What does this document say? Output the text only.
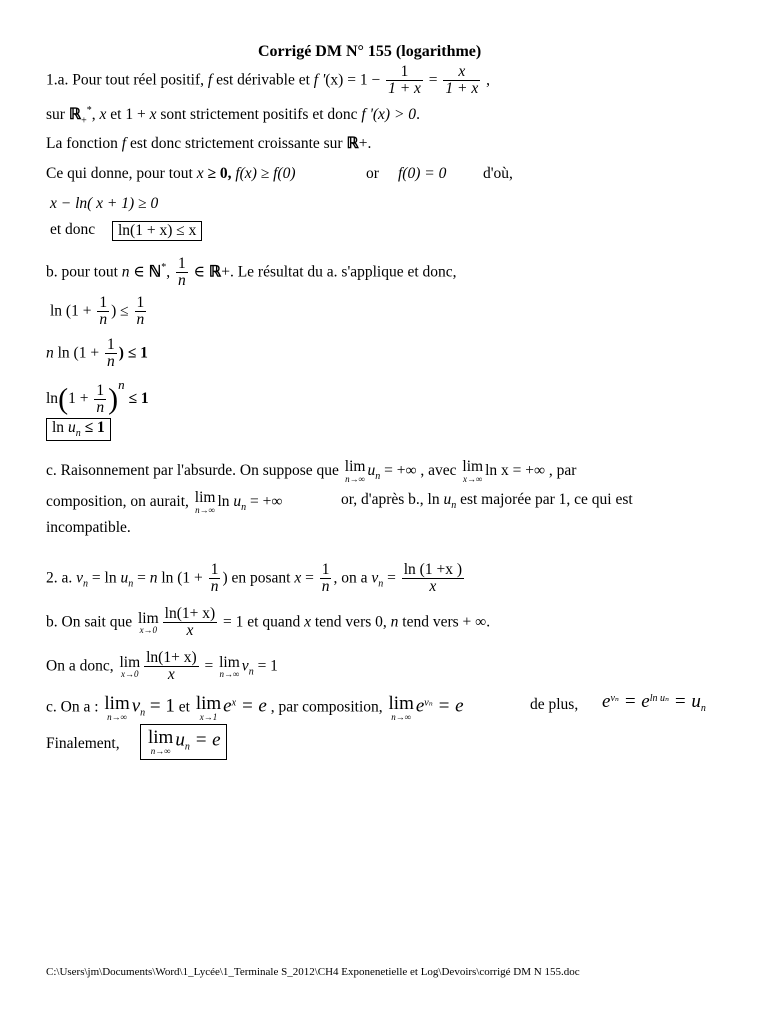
Corrigé DM N° 155 (logarithme)
1.a. Pour tout réel positif, f est dérivable et f '$(x) = 1 - \frac{1}{1 + x} = \frac{x}{1 + x}$ ,
sur ℝ$_+$*, x et 1 + x sont strictement positifs et donc f '(x) > 0.
La fonction f est donc strictement croissante sur ℝ+.
Ce qui donne, pour tout x ≥ 0, f(x) ≥ f(0)	or f(0) = 0 d'où,
x − ln( x + 1) ≥ 0
et donc	ln(1 + x) ≤ x
b. pour tout n ∈ ℕ*, $\frac{1}{n}$ ∈ ℝ+. Le résultat du a. s'applique et donc,
$\ln (1 + \frac{1}{n}$ ) ≤ $\frac{1}{n}$
n $\ln (1 + \frac{1}{n}$ ) ≤ 1
$\ln(1 + \frac{1}{n} )^n \le 1$
$\ln u_n \le 1$
c. Raisonnement par l'absurde. On suppose que lim
n→∞ $u_n$ = +∞ , avec lim
x→∞ ln x = +∞ , par
composition, on aurait, lim
n→∞ $\ln u_n$ = +∞	or, d'après b., $\ln u_n$ est majorée par 1, ce qui est
incompatible.
2. a. $v_n = \ln u_n = n$ $\ln (1 + \frac{1}{n}$ ) en posant $x = \frac{1}{n}$ , on a $v_n = \frac{\ln (1 +x )}{x}$
b. On sait que lim
$x\to 0 \frac{\ln(1+ x)}{x} = 1$ et quand x tend vers 0, n tend vers + ∞.
On a donc, lim
$x\to 0 \frac{\ln(1+ x)}{x} = \lim$
n→∞ $v_n = 1$
c. On a : lim
n→∞
$v_n = 1$ et lim
x→1
$e^x = e$ , par composition, lim
n→∞
$e^{v_n} = e$	de plus, $e^{v_n} = e^{ln u_n} = u_n$
Finalement, lim
n→∞
$u_n = e$
C:\Users\jm\Documents\Word\1_Lycée\1_Terminale S_2012\CH4 Exponenetielle et Log\Devoirs\corrigé DM N 155.doc
